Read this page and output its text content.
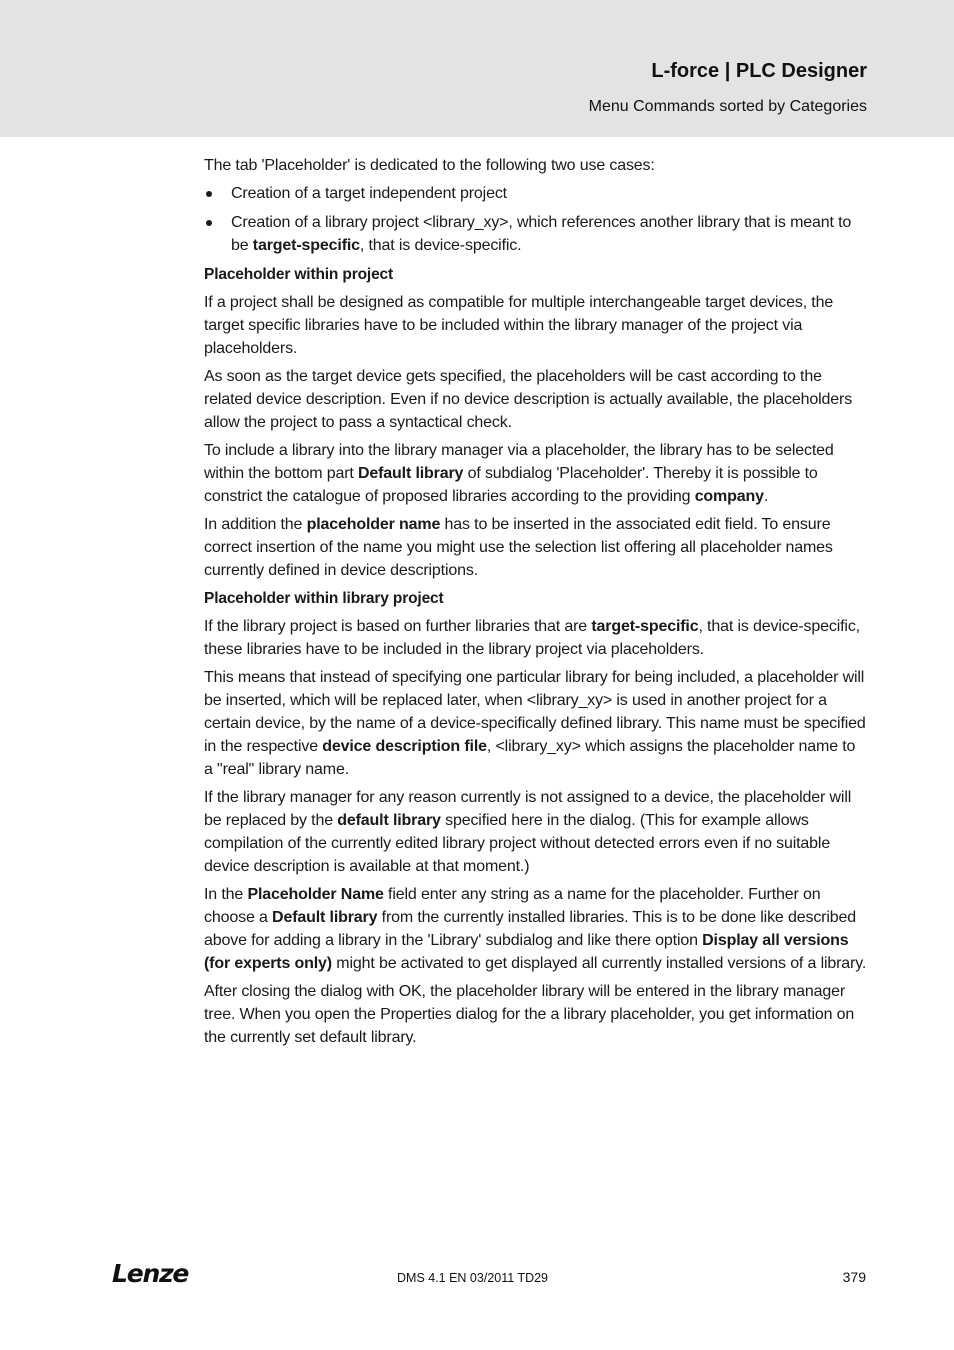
L-force | PLC Designer
Menu Commands sorted by Categories

The tab 'Placeholder' is dedicated to the following two use cases:

Creation of a target independent project
Creation of a library project <library_xy>, which references another library that is meant to be target-specific, that is device-specific.
Placeholder within project

If a project shall be designed as compatible for multiple interchangeable target devices, the target specific libraries have to be included within the library manager of the project via placeholders.

As soon as the target device gets specified, the placeholders will be cast according to the related device description. Even if no device description is actually available, the placeholders allow the project to pass a syntactical check.

To include a library into the library manager via a placeholder, the library has to be selected within the bottom part Default library of subdialog 'Placeholder'. Thereby it is possible to constrict the catalogue of proposed libraries according to the providing company.

In addition the placeholder name has to be inserted in the associated edit field. To ensure correct insertion of the name you might use the selection list offering all placeholder names currently defined in device descriptions.

Placeholder within library project

If the library project is based on further libraries that are target-specific, that is device-specific, these libraries have to be included in the library project via placeholders.

This means that instead of specifying one particular library for being included, a placeholder will be inserted, which will be replaced later, when <library_xy> is used in another project for a certain device, by the name of a device-specifically defined library. This name must be specified in the respective device description file, <library_xy> which assigns the placeholder name to a "real" library name.

If the library manager for any reason currently is not assigned to a device, the placeholder will be replaced by the default library specified here in the dialog. (This for example allows compilation of the currently edited library project without detected errors even if no suitable device description is available at that moment.)

In the Placeholder Name field enter any string as a name for the placeholder. Further on choose a Default library from the currently installed libraries. This is to be done like described above for adding a library in the 'Library' subdialog and like there option Display all versions (for experts only) might be activated to get displayed all currently installed versions of a library.

After closing the dialog with OK, the placeholder library will be entered in the library manager tree. When you open the Properties dialog for the a library placeholder, you get information on the currently set default library.

Lenze	DMS 4.1 EN 03/2011 TD29	379
